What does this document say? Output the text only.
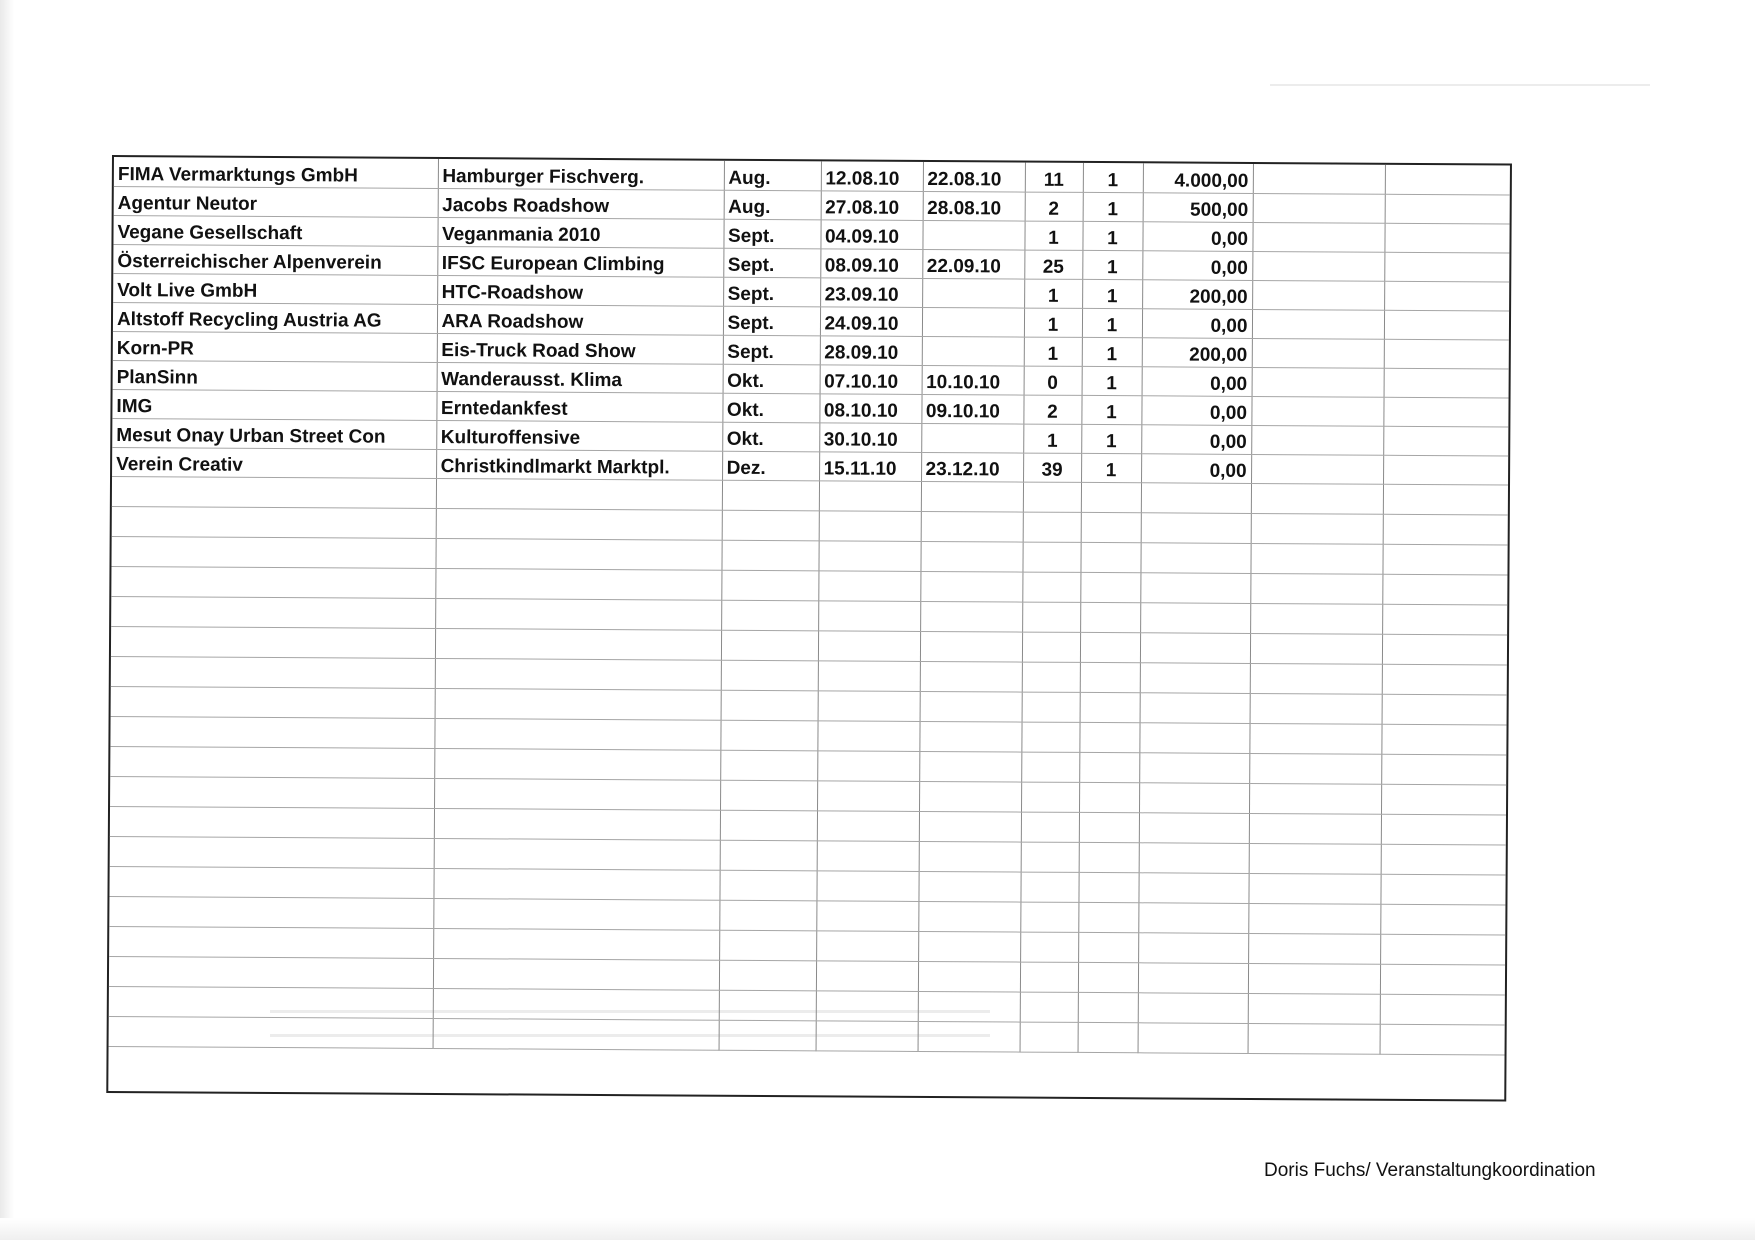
FIMA Vermarktungs GmbH	Hamburger Fischverg.	Aug.	12.08.10	22.08.10	11	1	4.000,00		
Agentur Neutor	Jacobs Roadshow	Aug.	27.08.10	28.08.10	2	1	500,00		
Vegane Gesellschaft	Veganmania 2010	Sept.	04.09.10		1	1	0,00		
Österreichischer Alpenverein	IFSC European Climbing	Sept.	08.09.10	22.09.10	25	1	0,00		
Volt Live GmbH	HTC-Roadshow	Sept.	23.09.10		1	1	200,00		
Altstoff Recycling Austria AG	ARA Roadshow	Sept.	24.09.10		1	1	0,00		
Korn-PR	Eis-Truck Road Show	Sept.	28.09.10		1	1	200,00		
PlanSinn	Wanderausst. Klima	Okt.	07.10.10	10.10.10	0	1	0,00		
IMG	Erntedankfest	Okt.	08.10.10	09.10.10	2	1	0,00		
Mesut Onay Urban Street Con	Kulturoffensive	Okt.	30.10.10		1	1	0,00		
Verein Creativ	Christkindlmarkt Marktpl.	Dez.	15.11.10	23.12.10	39	1	0,00		

Doris Fuchs/ Veranstaltungkoordination
